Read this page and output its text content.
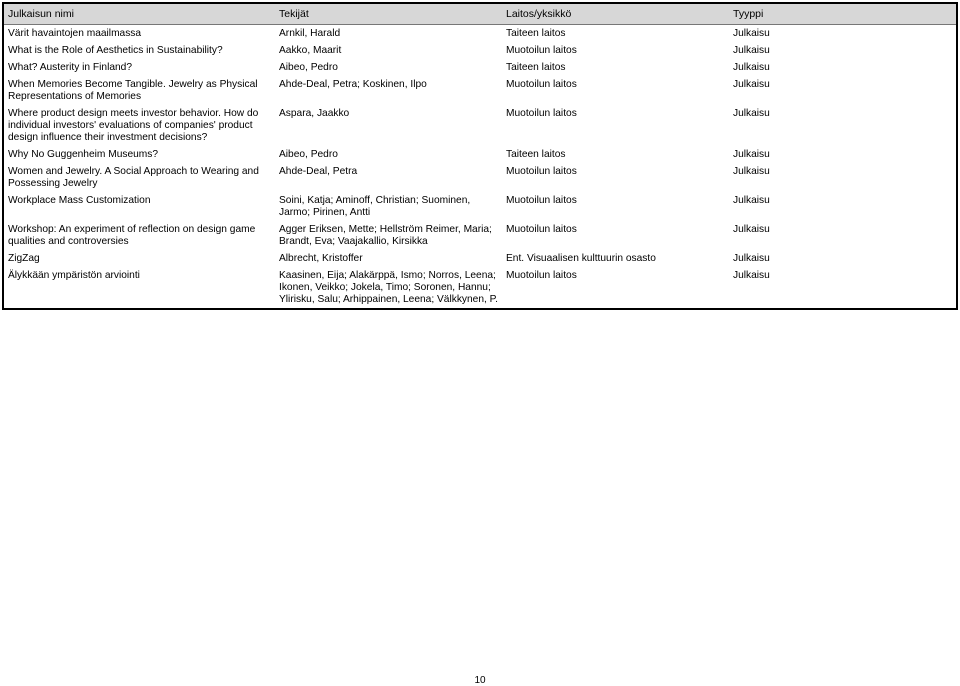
Julkaisun nimi	Tekijät	Laitos/yksikkö	Tyyppi
Värit havaintojen maailmassa	Arnkil, Harald	Taiteen laitos	Julkaisu
What is the Role of Aesthetics in Sustainability?	Aakko, Maarit	Muotoilun laitos	Julkaisu
What? Austerity in Finland?	Aibeo, Pedro	Taiteen laitos	Julkaisu
When Memories Become Tangible. Jewelry as Physical Representations of Memories	Ahde-Deal, Petra; Koskinen, Ilpo	Muotoilun laitos	Julkaisu
Where product design meets investor behavior. How do individual investors' evaluations of companies' product design influence their investment decisions?	Aspara, Jaakko	Muotoilun laitos	Julkaisu
Why No Guggenheim Museums?	Aibeo, Pedro	Taiteen laitos	Julkaisu
Women and Jewelry. A Social Approach to Wearing and Possessing Jewelry	Ahde-Deal, Petra	Muotoilun laitos	Julkaisu
Workplace Mass Customization	Soini, Katja; Aminoff, Christian; Suominen, Jarmo; Pirinen, Antti	Muotoilun laitos	Julkaisu
Workshop: An experiment of reflection on design game qualities and controversies	Agger Eriksen, Mette; Hellström Reimer, Maria; Brandt, Eva; Vaajakallio, Kirsikka	Muotoilun laitos	Julkaisu
ZigZag	Albrecht, Kristoffer	Ent. Visuaalisen kulttuurin osasto	Julkaisu
Älykkään ympäristön arviointi	Kaasinen, Eija; Alakärppä, Ismo; Norros, Leena; Ikonen, Veikko; Jokela, Timo; Soronen, Hannu; Ylirisku, Salu; Arhippainen, Leena; Välkkynen, P.	Muotoilun laitos	Julkaisu
10
